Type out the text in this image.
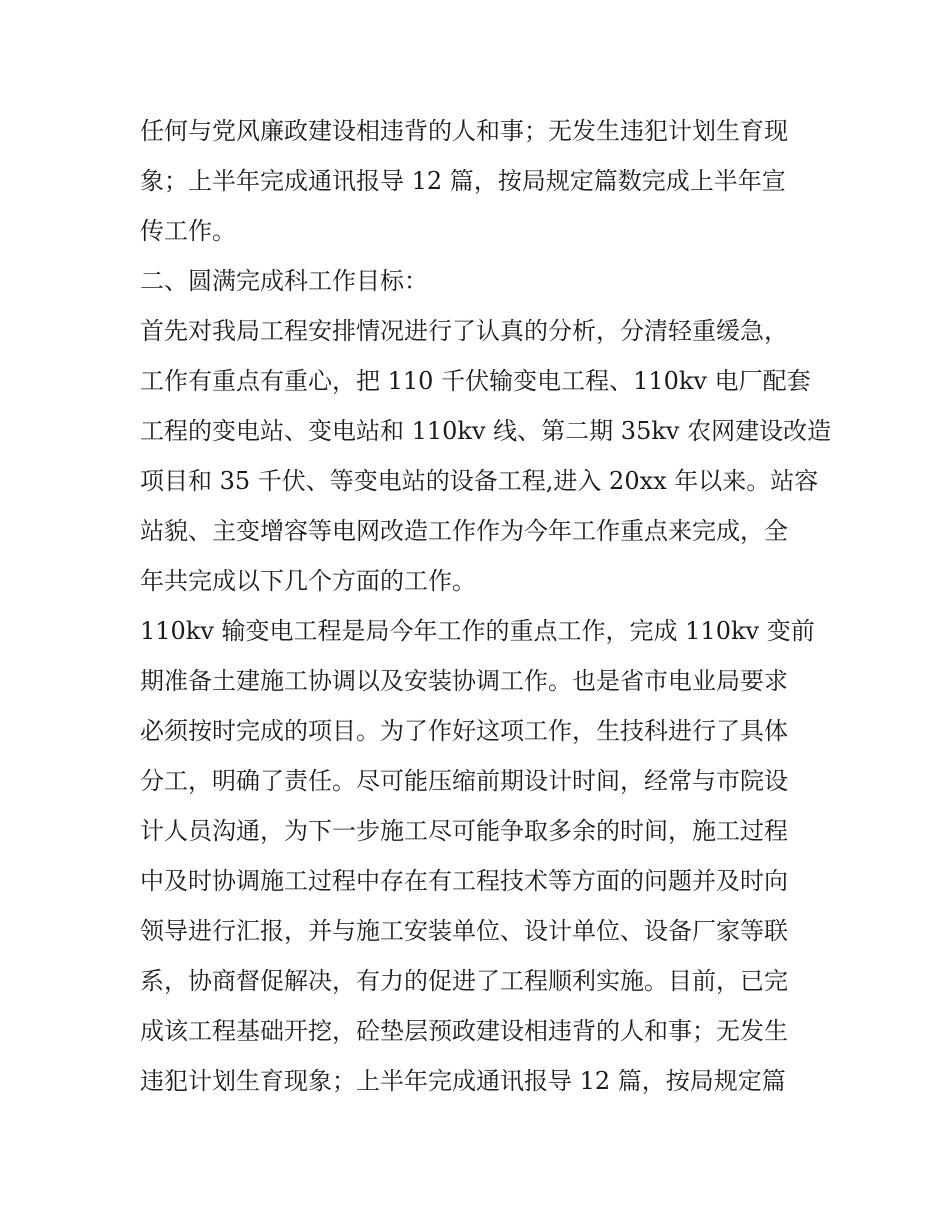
任何与党风廉政建设相违背的人和事；无发生违犯计划生育现
象；上半年完成通讯报导 12 篇，按局规定篇数完成上半年宣
传工作。
二、圆满完成科工作目标：
首先对我局工程安排情况进行了认真的分析，分清轻重缓急，
工作有重点有重心，把 110 千伏输变电工程、110kv 电厂配套
工程的变电站、变电站和 110kv 线、第二期 35kv 农网建设改造
项目和 35 千伏、等变电站的设备工程,进入 20xx 年以来。站容
站貌、主变增容等电网改造工作作为今年工作重点来完成，全
年共完成以下几个方面的工作。
110kv 输变电工程是局今年工作的重点工作，完成 110kv 变前
期准备土建施工协调以及安装协调工作。也是省市电业局要求
必须按时完成的项目。为了作好这项工作，生技科进行了具体
分工，明确了责任。尽可能压缩前期设计时间，经常与市院设
计人员沟通，为下一步施工尽可能争取多余的时间，施工过程
中及时协调施工过程中存在有工程技术等方面的问题并及时向
领导进行汇报，并与施工安装单位、设计单位、设备厂家等联
系，协商督促解决，有力的促进了工程顺利实施。目前，已完
成该工程基础开挖，砼垫层预政建设相违背的人和事；无发生
违犯计划生育现象；上半年完成通讯报导 12 篇，按局规定篇
